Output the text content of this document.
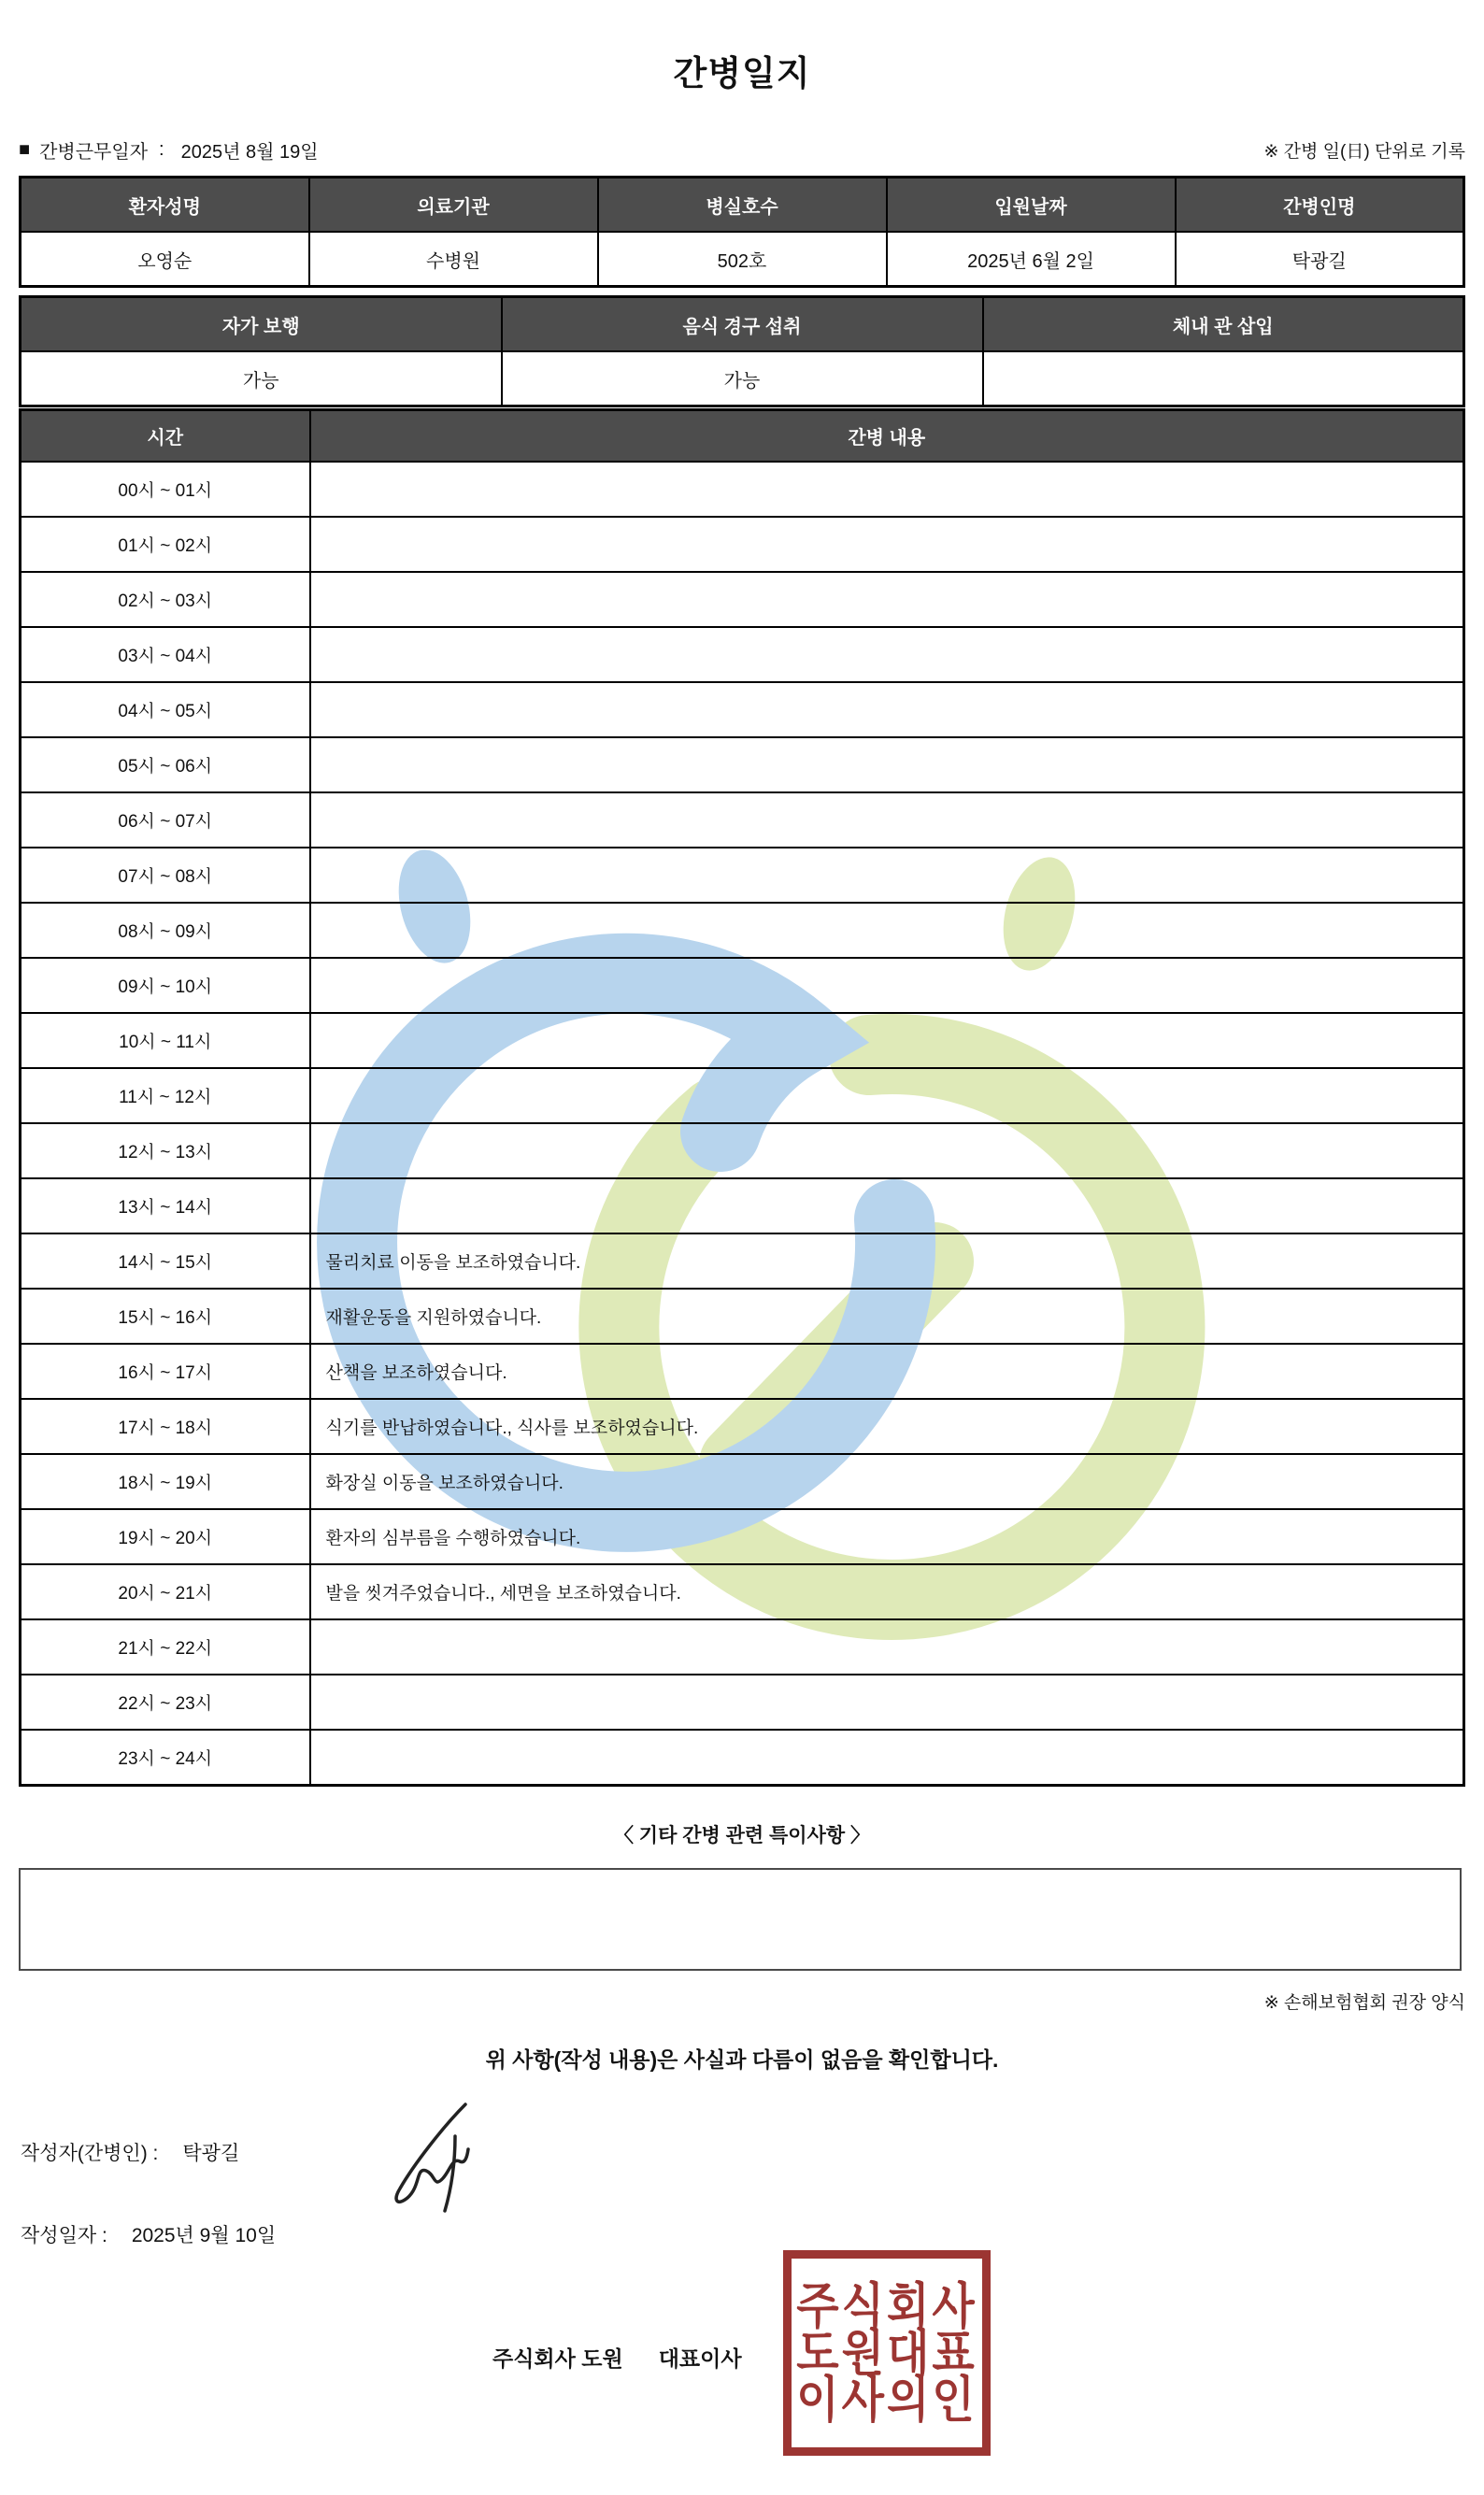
간병일지
■ 간병근무일자 : 2025년 8월 19일	※ 간병 일(日) 단위로 기록
환자성명	의료기관	병실호수	입원날짜	간병인명
오영순	수병원	502호	2025년 6월 2일	탁광길
자가 보행	음식 경구 섭취	체내 관 삽입
가능	가능	
시간	간병 내용
00시 ~ 01시	
01시 ~ 02시	
02시 ~ 03시	
03시 ~ 04시	
04시 ~ 05시	
05시 ~ 06시	
06시 ~ 07시	
07시 ~ 08시	
08시 ~ 09시	
09시 ~ 10시	
10시 ~ 11시	
11시 ~ 12시	
12시 ~ 13시	
13시 ~ 14시	
14시 ~ 15시	물리치료 이동을 보조하였습니다.
15시 ~ 16시	재활운동을 지원하였습니다.
16시 ~ 17시	산책을 보조하였습니다.
17시 ~ 18시	식기를 반납하였습니다., 식사를 보조하였습니다.
18시 ~ 19시	화장실 이동을 보조하였습니다.
19시 ~ 20시	환자의 심부름을 수행하였습니다.
20시 ~ 21시	발을 씻겨주었습니다., 세면을 보조하였습니다.
21시 ~ 22시	
22시 ~ 23시	
23시 ~ 24시	
〈 기타 간병 관련 특이사항 〉
※ 손해보험협회 권장 양식
위 사항(작성 내용)은 사실과 다름이 없음을 확인합니다.
작성자(간병인) : 탁광길
작성일자 : 2025년 9월 10일
주식회사 도원 대표이사
주식회사
도원대표
이사의인
